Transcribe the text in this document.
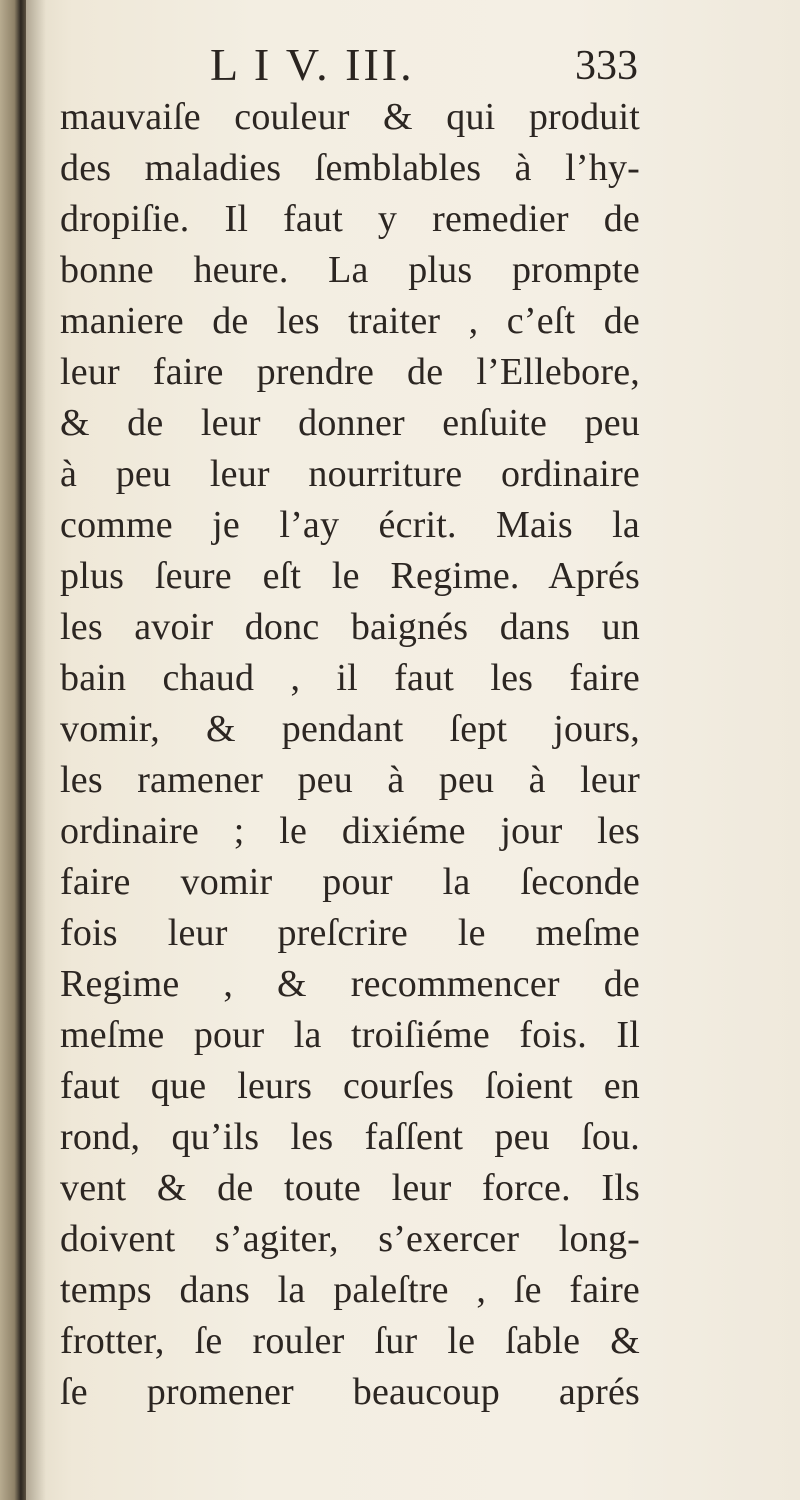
L I V. III.	333
mauvaiſe couleur & qui produit
des maladies ſemblables à l’hy-
dropiſie. Il faut y remedier de
bonne heure. La plus prompte
maniere de les traiter , c’eſt de
leur faire prendre de l’Ellebore,
& de leur donner enſuite peu
à peu leur nourriture ordinaire
comme je l’ay écrit. Mais la
plus ſeure eſt le Regime. Aprés
les avoir donc baignés dans un
bain chaud , il faut les faire
vomir, & pendant ſept jours,
les ramener peu à peu à leur
ordinaire ; le dixiéme jour les
faire vomir pour la ſeconde
fois leur preſcrire le meſme
Regime , & recommencer de
meſme pour la troiſiéme fois. Il
faut que leurs courſes ſoient en
rond, qu’ils les faſſent peu ſou.
vent & de toute leur force. Ils
doivent s’agiter, s’exercer long-
temps dans la paleſtre , ſe faire
frotter, ſe rouler ſur le ſable &
ſe promener beaucoup aprés
